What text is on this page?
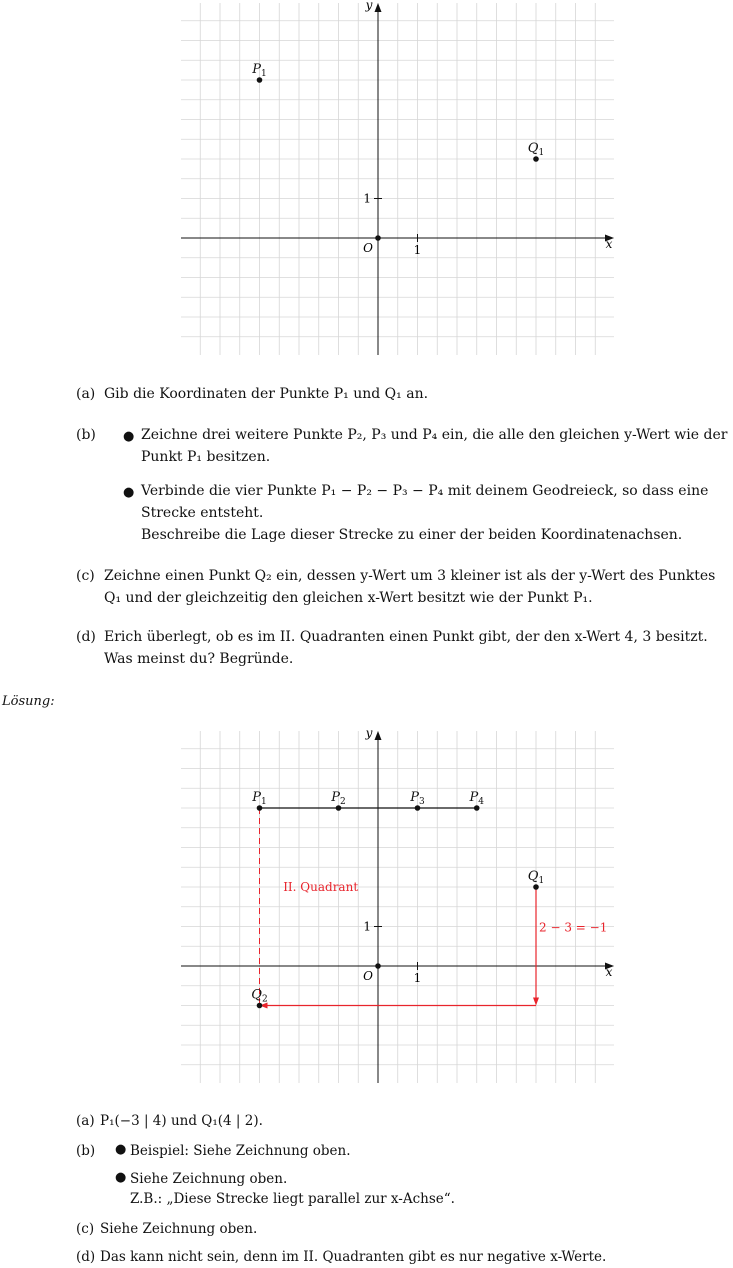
1
1
x
y
O
$P_1$
$Q_1$
(a) Gib die Koordinaten der Punkte P₁ und Q₁ an.
(b) ● Zeichne drei weitere Punkte P₂, P₃ und P₄ ein, die alle den gleichen y-Wert wie der
Punkt P₁ besitzen.
● Verbinde die vier Punkte P₁ − P₂ − P₃ − P₄ mit deinem Geodreieck, so dass eine
Strecke entsteht.
Beschreibe die Lage dieser Strecke zu einer der beiden Koordinatenachsen.
(c) Zeichne einen Punkt Q₂ ein, dessen y-Wert um 3 kleiner ist als der y-Wert des Punktes
Q₁ und der gleichzeitig den gleichen x-Wert besitzt wie der Punkt P₁.
(d) Erich überlegt, ob es im II. Quadranten einen Punkt gibt, der den x-Wert 4, 3 besitzt.
Was meinst du? Begründe.
Lösung:
1
1
x
y
O
II. Quadrant
2 − 3 = −1
$P_1$	$P_2$	$P_3$	$P_4$
$Q_1$
$Q_2$
(a) P₁(−3 | 4) und Q₁(4 | 2).
(b) ● Beispiel: Siehe Zeichnung oben.
● Siehe Zeichnung oben.
Z.B.: „Diese Strecke liegt parallel zur x-Achse“.
(c) Siehe Zeichnung oben.
(d) Das kann nicht sein, denn im II. Quadranten gibt es nur negative x-Werte.
